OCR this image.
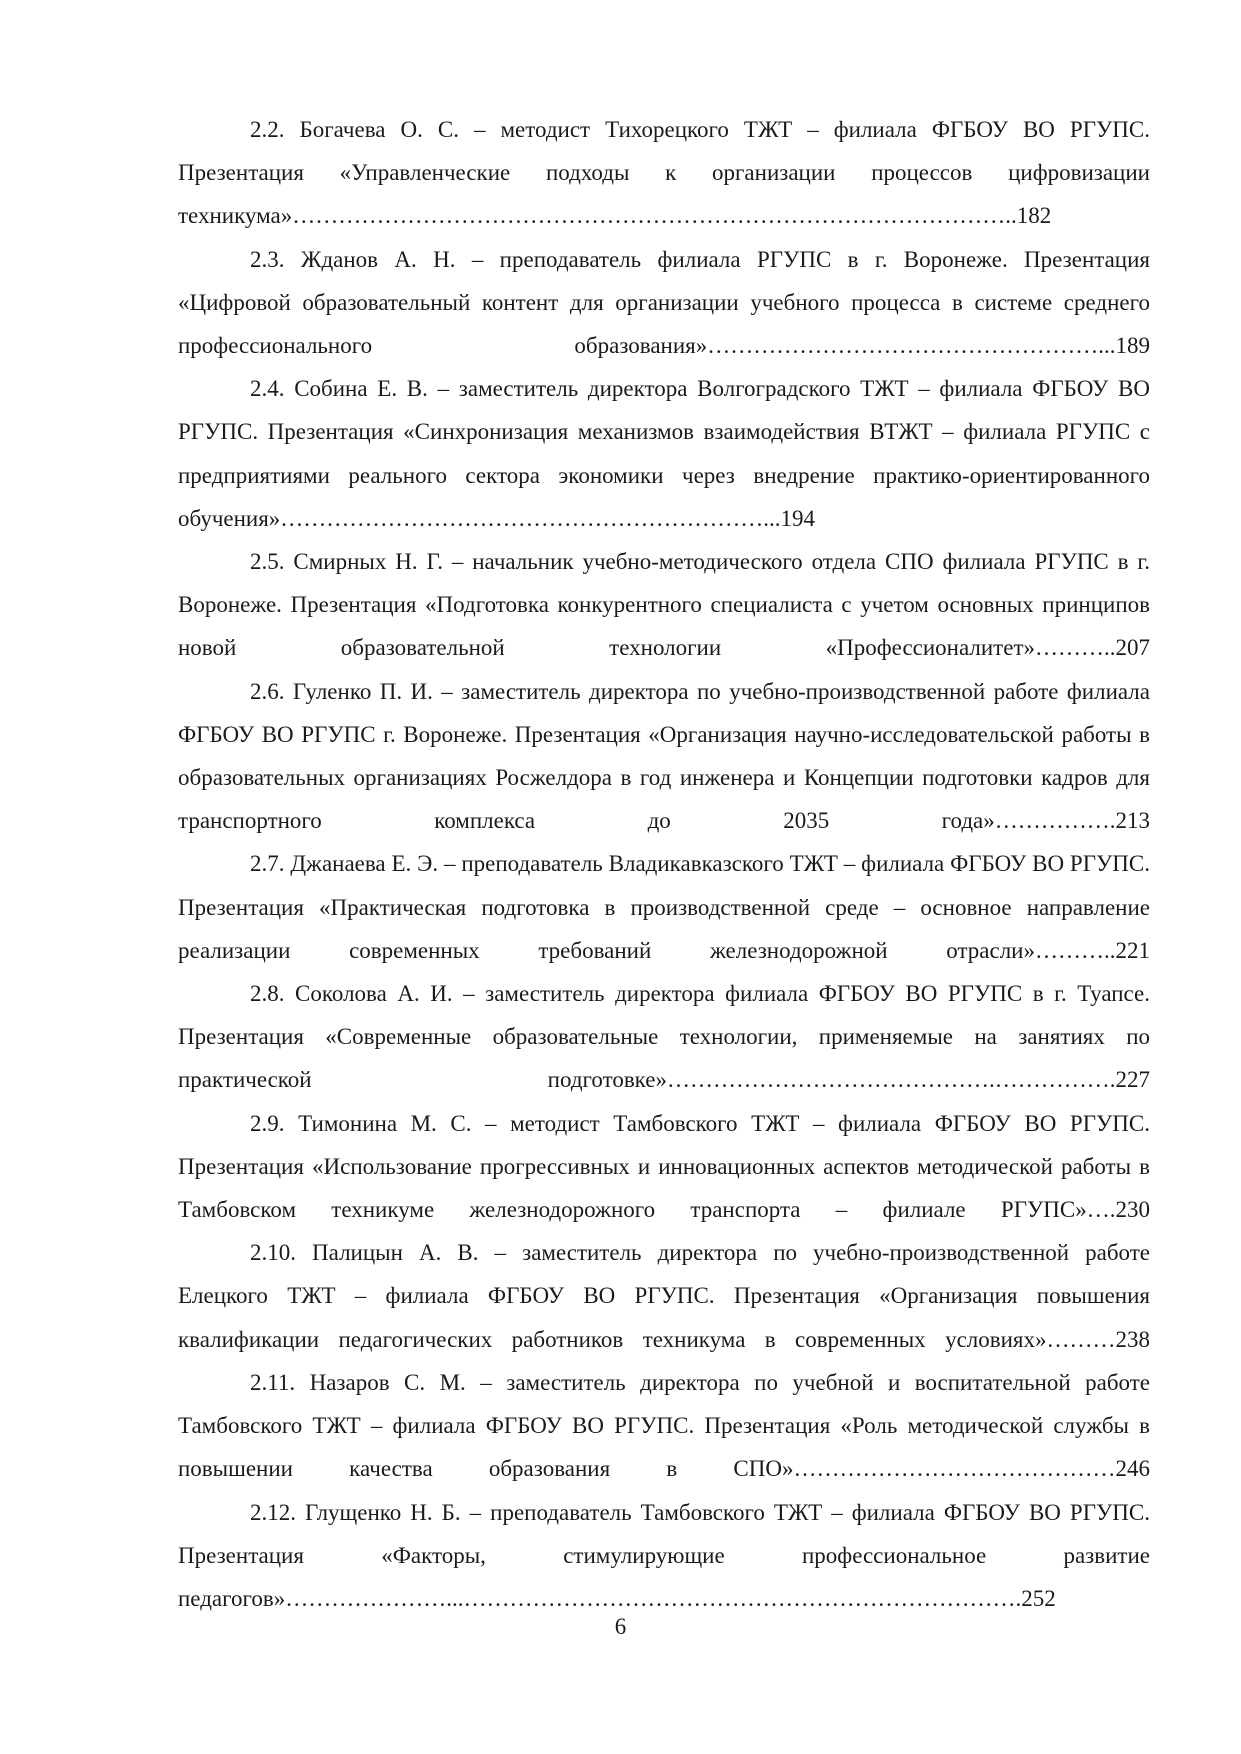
2.2. Богачева О. С. – методист Тихорецкого ТЖТ – филиала ФГБОУ ВО РГУПС. Презентация «Управленческие подходы к организации процессов цифровизации техникума»…………………………………………………………………………………..182

2.3. Жданов А. Н. – преподаватель филиала РГУПС в г. Воронеже. Презентация «Цифровой образовательный контент для организации учебного процесса в системе среднего профессионального образования»……………………………………………...189

2.4. Собина Е. В. – заместитель директора Волгоградского ТЖТ – филиала ФГБОУ ВО РГУПС. Презентация «Синхронизация механизмов взаимодействия ВТЖТ – филиала РГУПС с предприятиями реального сектора экономики через внедрение практико-ориентированного обучения»………………………………………………………...194

2.5. Смирных Н. Г. – начальник учебно-методического отдела СПО филиала РГУПС в г. Воронеже. Презентация «Подготовка конкурентного специалиста с учетом основных принципов новой образовательной технологии «Профессионалитет»………..207

2.6. Гуленко П. И. – заместитель директора по учебно-производственной работе филиала ФГБОУ ВО РГУПС г. Воронеже. Презентация «Организация научно-исследовательской работы в образовательных организациях Росжелдора в год инженера и Концепции подготовки кадров для транспортного комплекса до 2035 года»…………….213

2.7. Джанаева Е. Э. – преподаватель Владикавказского ТЖТ – филиала ФГБОУ ВО РГУПС. Презентация «Практическая подготовка в производственной среде – основное направление реализации современных требований железнодорожной отрасли»………..221

2.8. Соколова А. И. – заместитель директора филиала ФГБОУ ВО РГУПС в г. Туапсе. Презентация «Современные образовательные технологии, применяемые на занятиях по практической подготовке»…………………………………….…………….227

2.9. Тимонина М. С. – методист Тамбовского ТЖТ – филиала ФГБОУ ВО РГУПС. Презентация «Использование прогрессивных и инновационных аспектов методической работы в Тамбовском техникуме железнодорожного транспорта – филиале РГУПС»….230

2.10. Палицын А. В. – заместитель директора по учебно-производственной работе Елецкого ТЖТ – филиала ФГБОУ ВО РГУПС. Презентация «Организация повышения квалификации педагогических работников техникума в современных условиях»………238

2.11. Назаров С. М. – заместитель директора по учебной и воспитательной работе Тамбовского ТЖТ – филиала ФГБОУ ВО РГУПС. Презентация «Роль методической службы в повышении качества образования в СПО»……………………………………246

2.12. Глущенко Н. Б. – преподаватель Тамбовского ТЖТ – филиала ФГБОУ ВО РГУПС. Презентация «Факторы, стимулирующие профессиональное развитие педагогов»…………………...……………………………………………………………….252

6
